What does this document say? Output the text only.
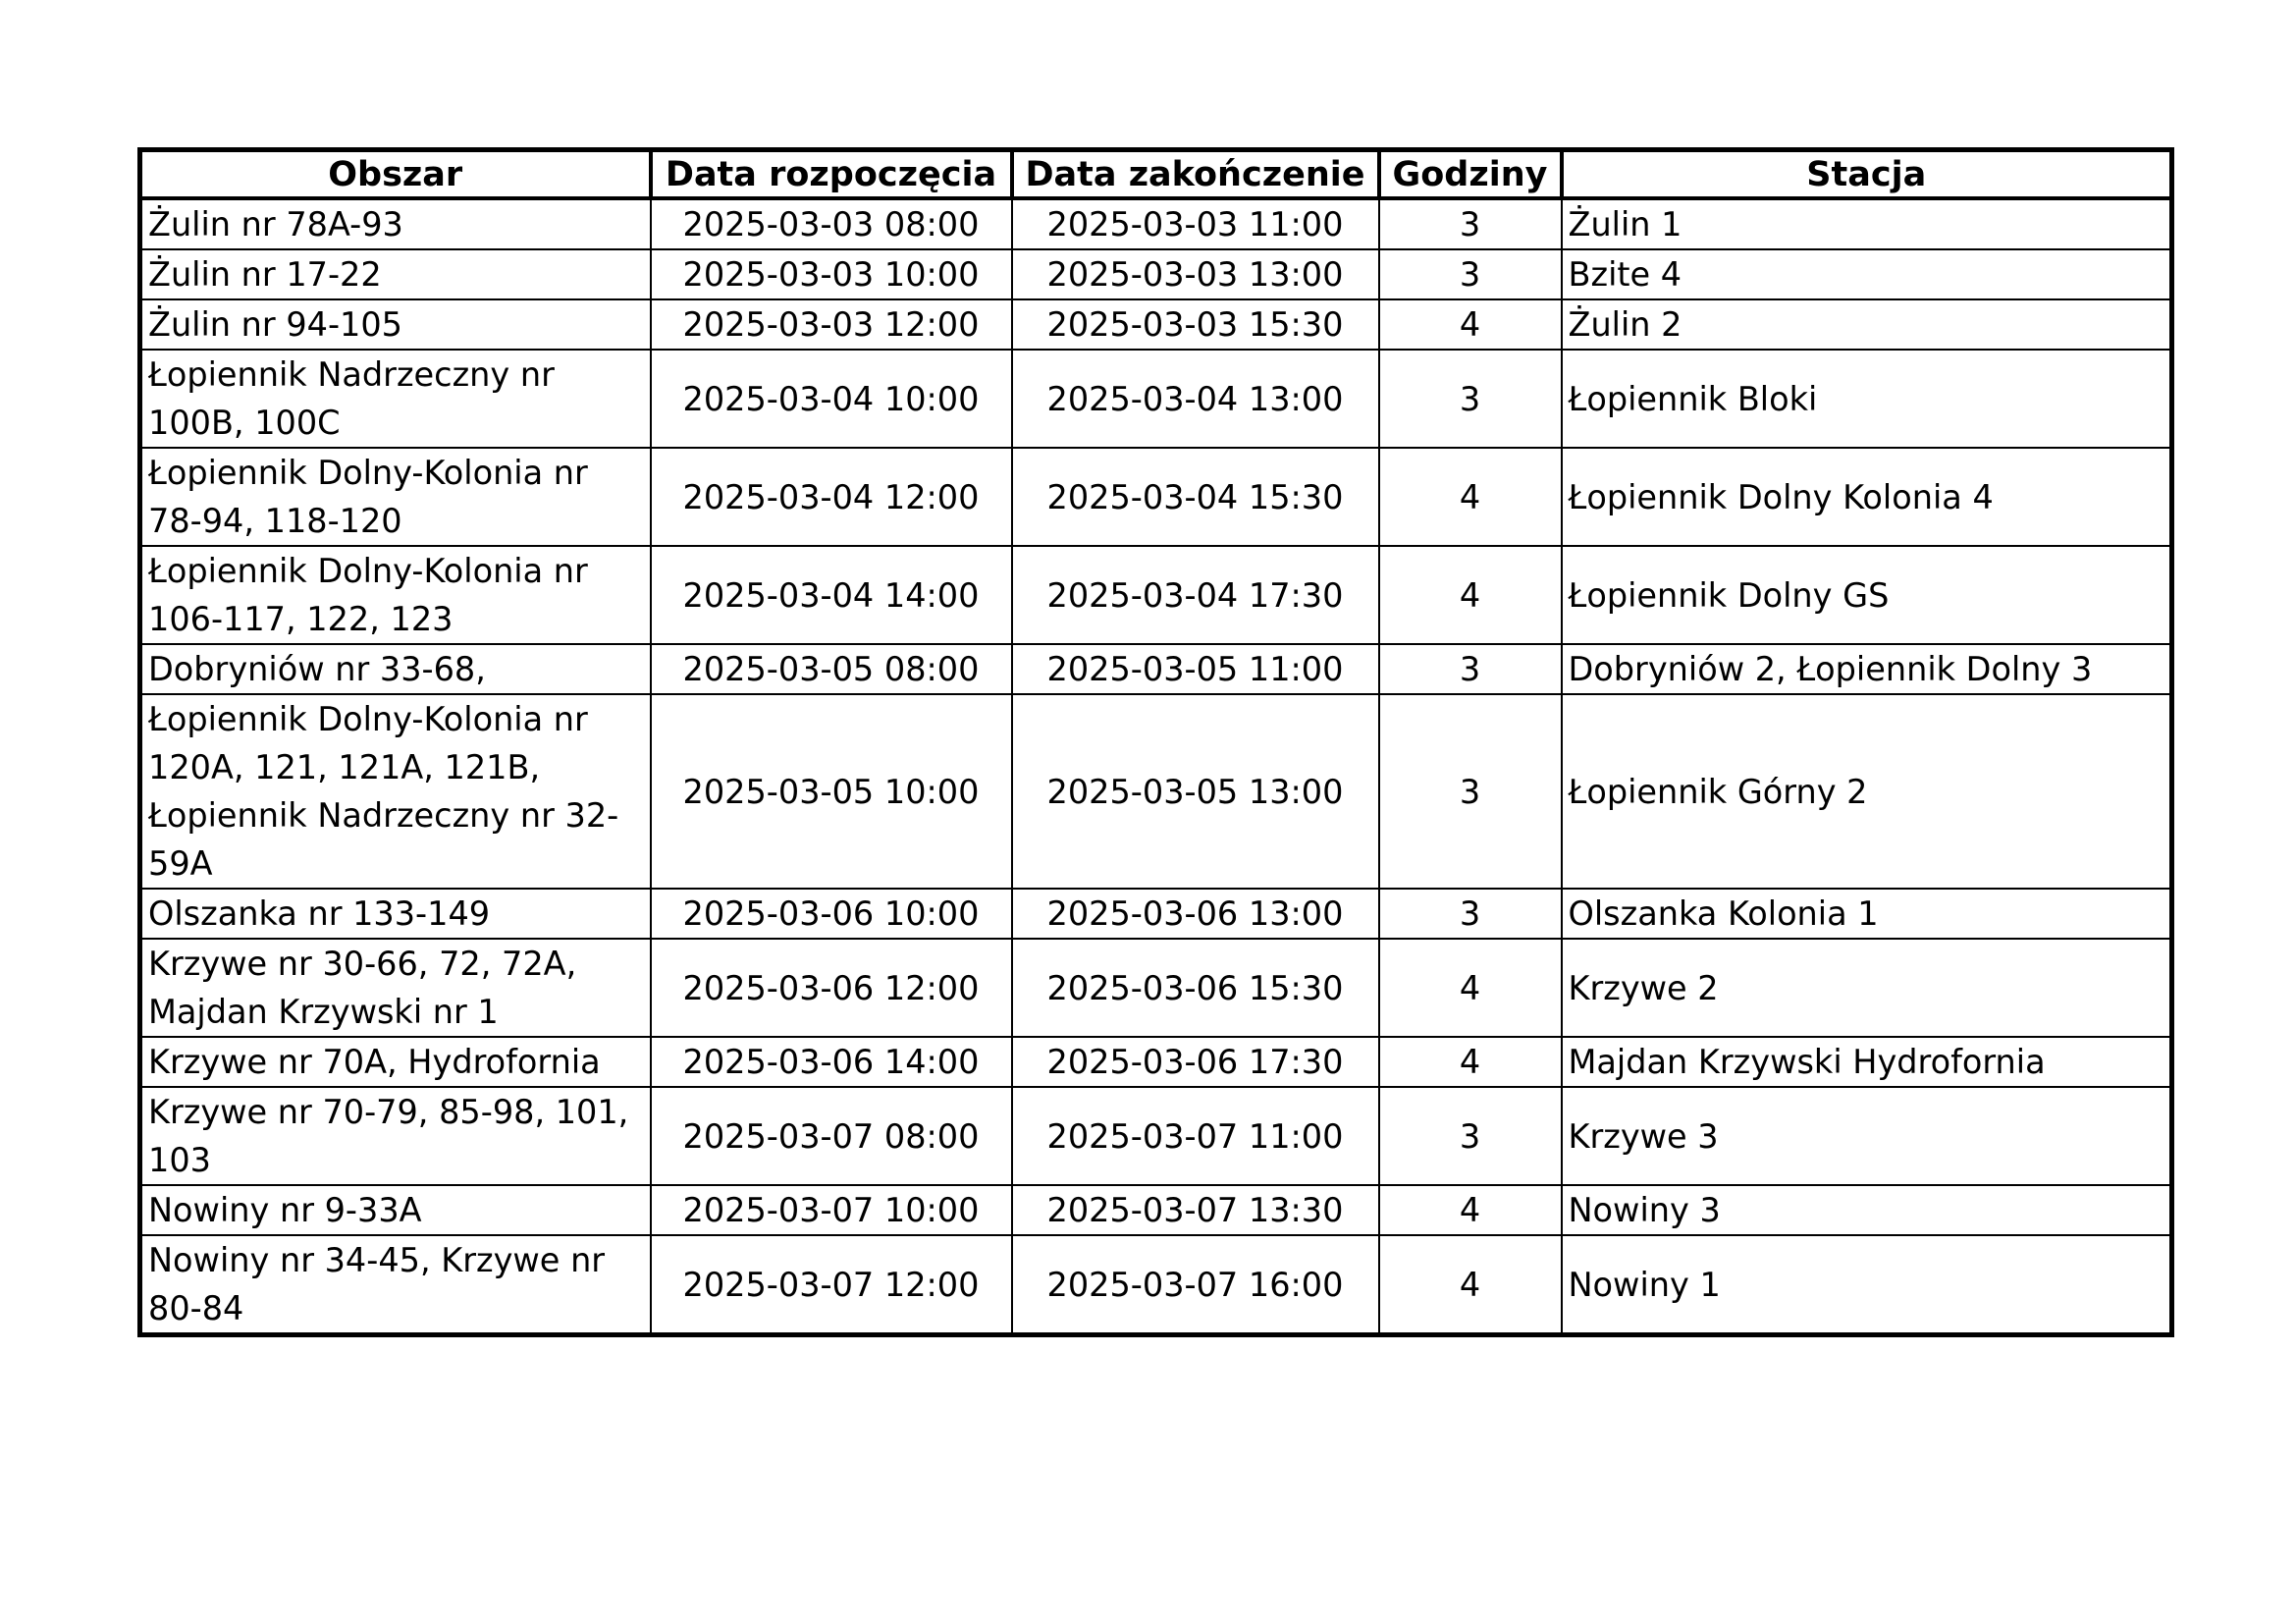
Obszar	Data rozpoczęcia	Data zakończenie	Godziny	Stacja
Żulin nr 78A-93	2025-03-03 08:00	2025-03-03 11:00	3	Żulin 1
Żulin nr 17-22	2025-03-03 10:00	2025-03-03 13:00	3	Bzite 4
Żulin nr 94-105	2025-03-03 12:00	2025-03-03 15:30	4	Żulin 2
Łopiennik Nadrzeczny nr 100B, 100C	2025-03-04 10:00	2025-03-04 13:00	3	Łopiennik Bloki
Łopiennik Dolny-Kolonia nr 78-94, 118-120	2025-03-04 12:00	2025-03-04 15:30	4	Łopiennik Dolny Kolonia 4
Łopiennik Dolny-Kolonia nr 106-117, 122, 123	2025-03-04 14:00	2025-03-04 17:30	4	Łopiennik Dolny GS
Dobryniów nr 33-68,	2025-03-05 08:00	2025-03-05 11:00	3	Dobryniów 2, Łopiennik Dolny 3
Łopiennik Dolny-Kolonia nr 120A, 121, 121A, 121B, Łopiennik Nadrzeczny nr 32-59A	2025-03-05 10:00	2025-03-05 13:00	3	Łopiennik Górny 2
Olszanka nr 133-149	2025-03-06 10:00	2025-03-06 13:00	3	Olszanka Kolonia 1
Krzywe nr 30-66, 72, 72A, Majdan Krzywski nr 1	2025-03-06 12:00	2025-03-06 15:30	4	Krzywe 2
Krzywe nr 70A, Hydrofornia	2025-03-06 14:00	2025-03-06 17:30	4	Majdan Krzywski Hydrofornia
Krzywe nr 70-79, 85-98, 101, 103	2025-03-07 08:00	2025-03-07 11:00	3	Krzywe 3
Nowiny nr 9-33A	2025-03-07 10:00	2025-03-07 13:30	4	Nowiny 3
Nowiny nr 34-45, Krzywe nr 80-84	2025-03-07 12:00	2025-03-07 16:00	4	Nowiny 1
